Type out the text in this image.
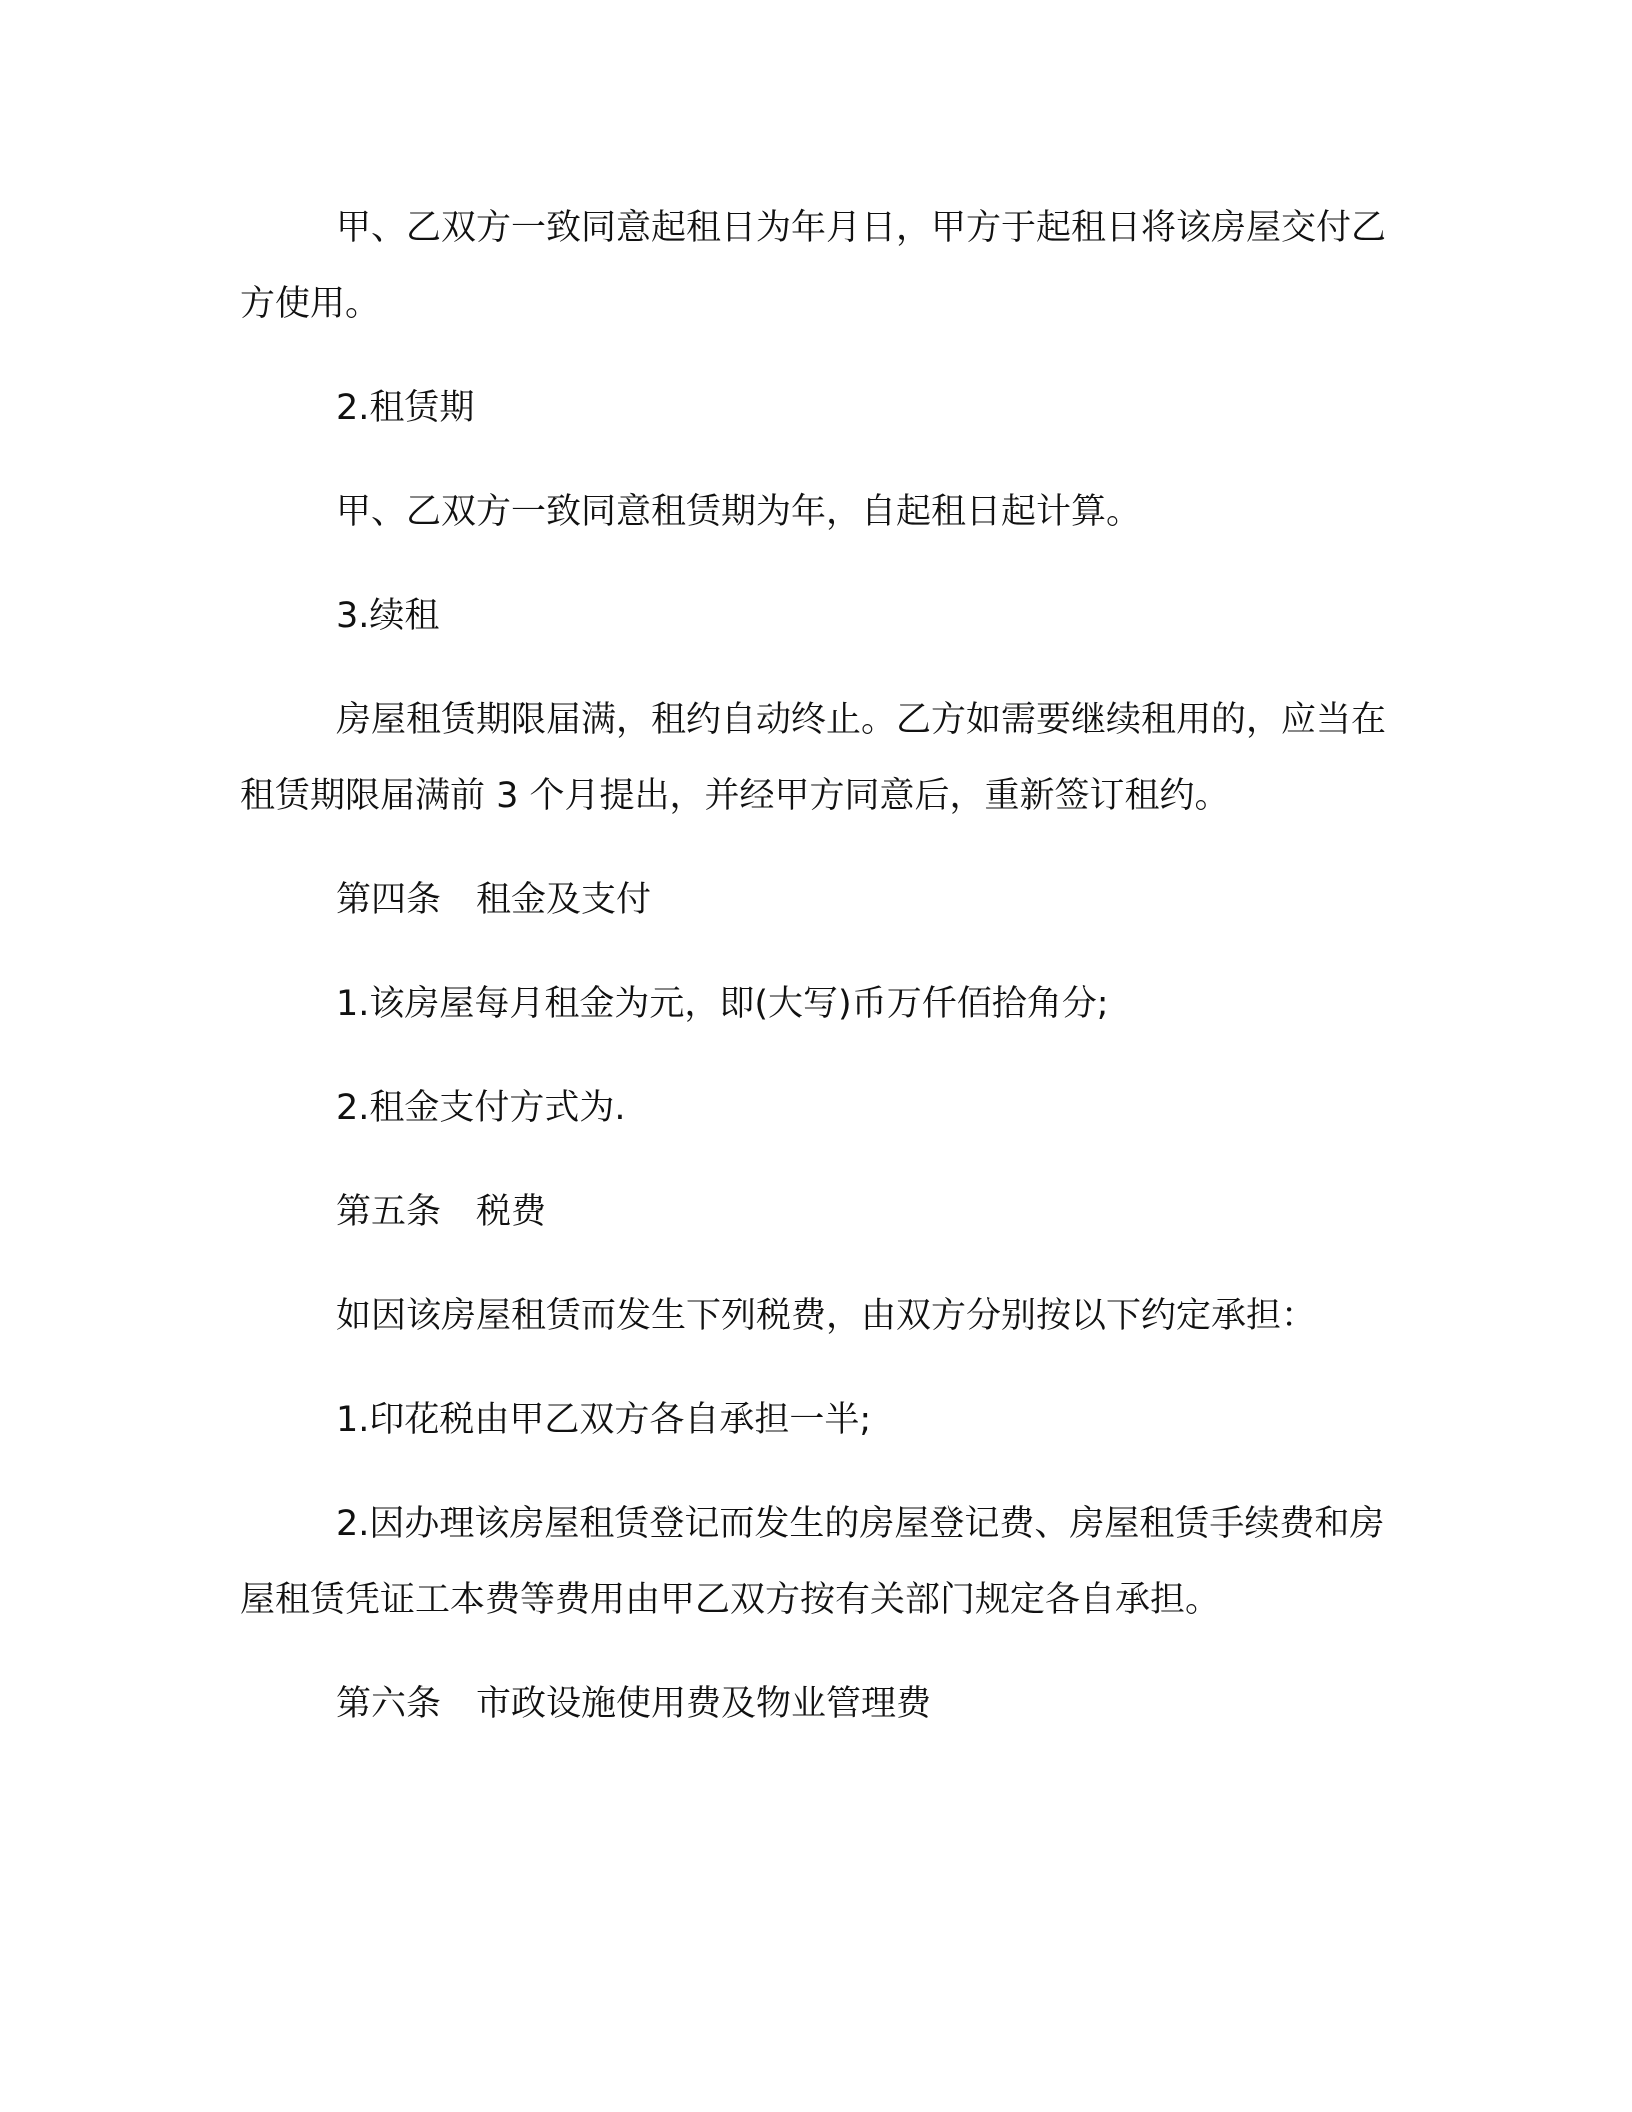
甲、乙双方一致同意起租日为年月日，甲方于起租日将该房屋交付乙方使用。

2.租赁期

甲、乙双方一致同意租赁期为年，自起租日起计算。

3.续租

房屋租赁期限届满，租约自动终止。乙方如需要继续租用的，应当在租赁期限届满前 3 个月提出，并经甲方同意后，重新签订租约。

第四条　租金及支付

1.该房屋每月租金为元，即(大写)币万仟佰拾角分;

2.租金支付方式为.

第五条　税费

如因该房屋租赁而发生下列税费，由双方分别按以下约定承担：

1.印花税由甲乙双方各自承担一半;

2.因办理该房屋租赁登记而发生的房屋登记费、房屋租赁手续费和房屋租赁凭证工本费等费用由甲乙双方按有关部门规定各自承担。

第六条　市政设施使用费及物业管理费
